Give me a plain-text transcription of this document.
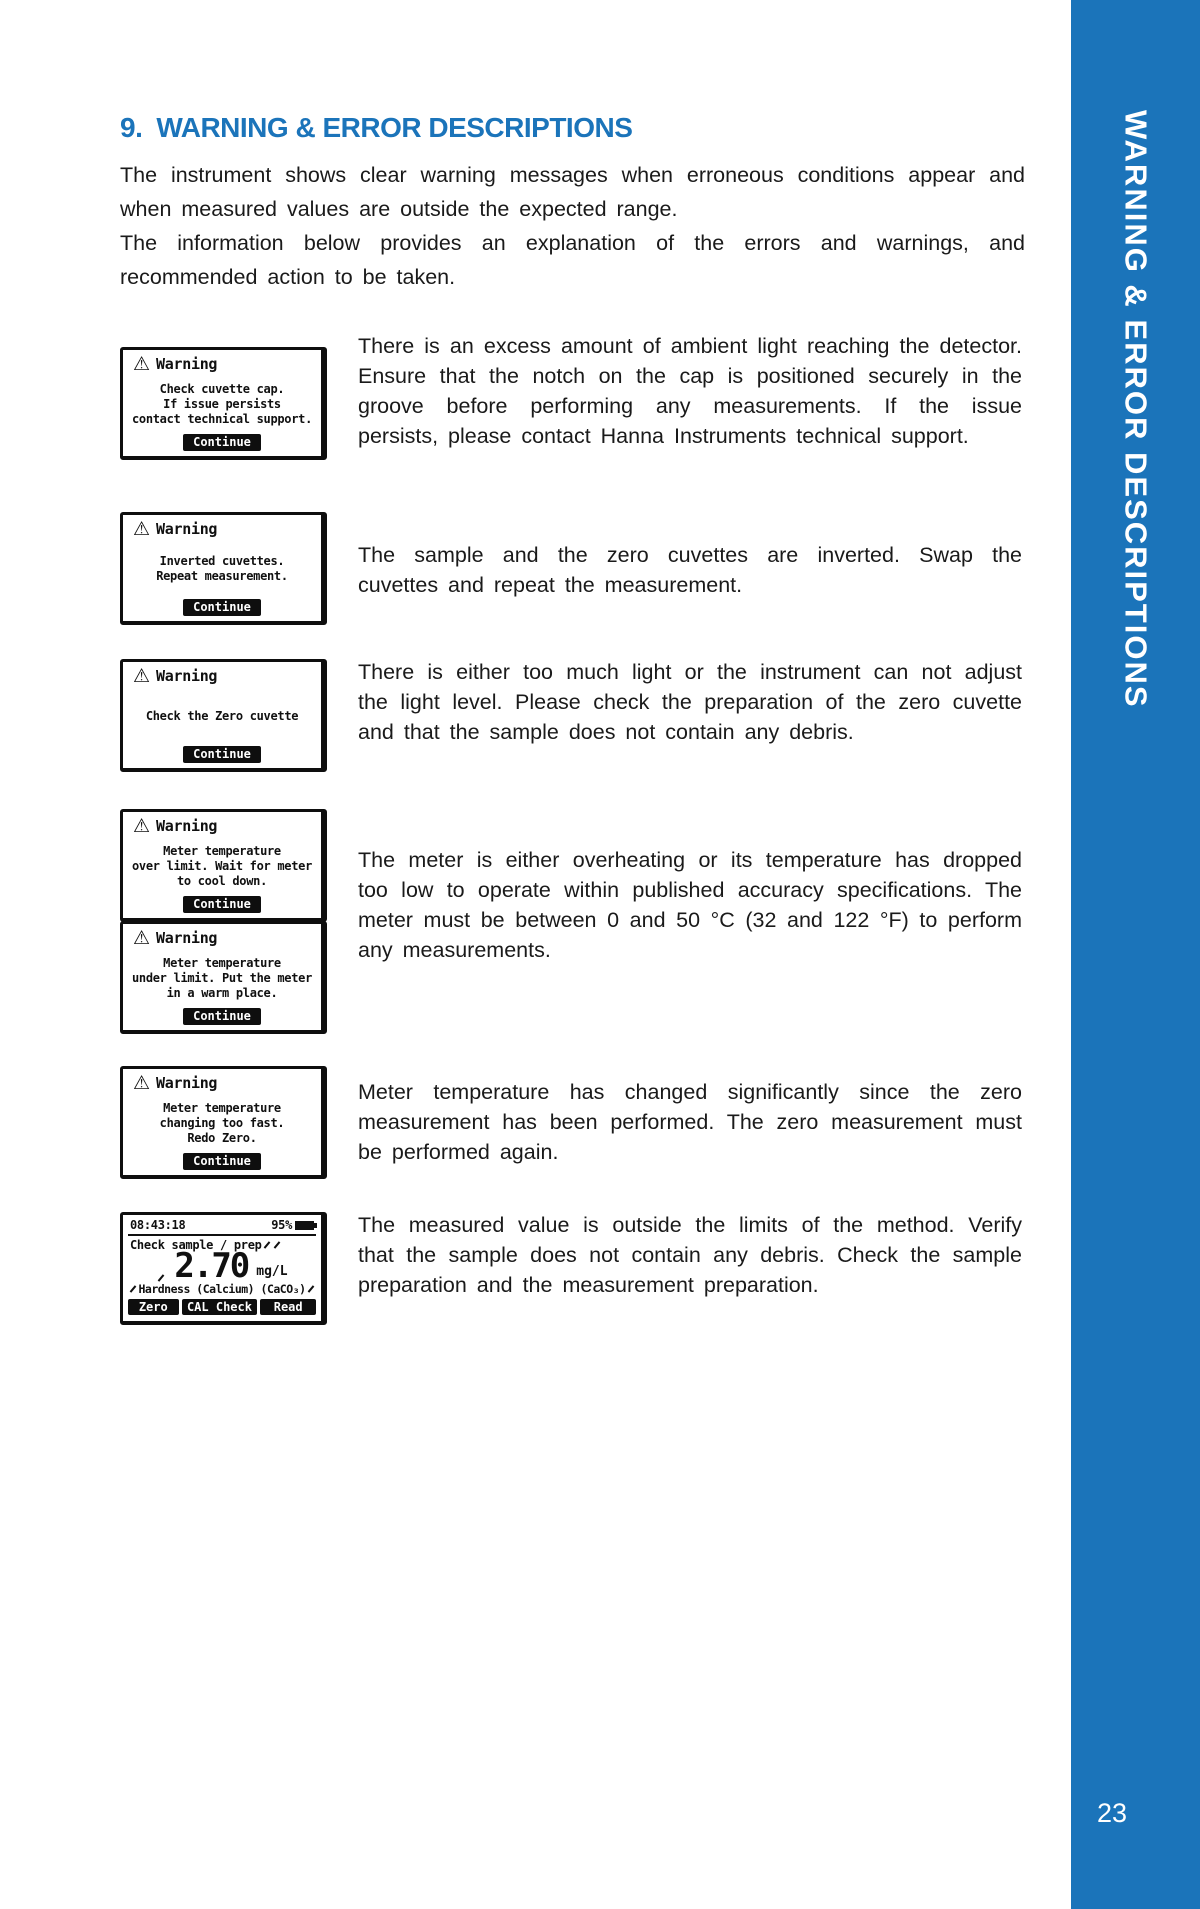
WARNING & ERROR DESCRIPTIONS
23
9. WARNING & ERROR DESCRIPTIONS

The instrument shows clear warning messages when erroneous conditions appear and when measured values are outside the expected range.

The information below provides an explanation of the errors and warnings, and recommended action to be taken.

⚠ Warning
Check cuvette cap.
If issue persists
contact technical support.
Continue

There is an excess amount of ambient light reaching the detector. Ensure that the notch on the cap is positioned securely in the groove before performing any measurements. If the issue persists, please contact Hanna Instruments technical support.

⚠ Warning
Inverted cuvettes.
Repeat measurement.
Continue

The sample and the zero cuvettes are inverted. Swap the cuvettes and repeat the measurement.

⚠ Warning
Check the Zero cuvette
Continue

There is either too much light or the instrument can not adjust the light level. Please check the preparation of the zero cuvette and that the sample does not contain any debris.

⚠ Warning
Meter temperature
over limit. Wait for meter
to cool down.
Continue
⚠ Warning
Meter temperature
under limit. Put the meter
in a warm place.
Continue

The meter is either overheating or its temperature has dropped too low to operate within published accuracy specifications. The meter must be between 0 and 50 °C (32 and 122 °F) to perform any measurements.

⚠ Warning
Meter temperature
changing too fast.
Redo Zero.
Continue

Meter temperature has changed significantly since the zero measurement has been performed. The zero measurement must be performed again.

08:43:18	95%
Check sample / prep
2.70 mg/L
Hardness (Calcium) (CaCO₃)
Zero	CAL Check	Read

The measured value is outside the limits of the method. Verify that the sample does not contain any debris. Check the sample preparation and the measurement preparation.
